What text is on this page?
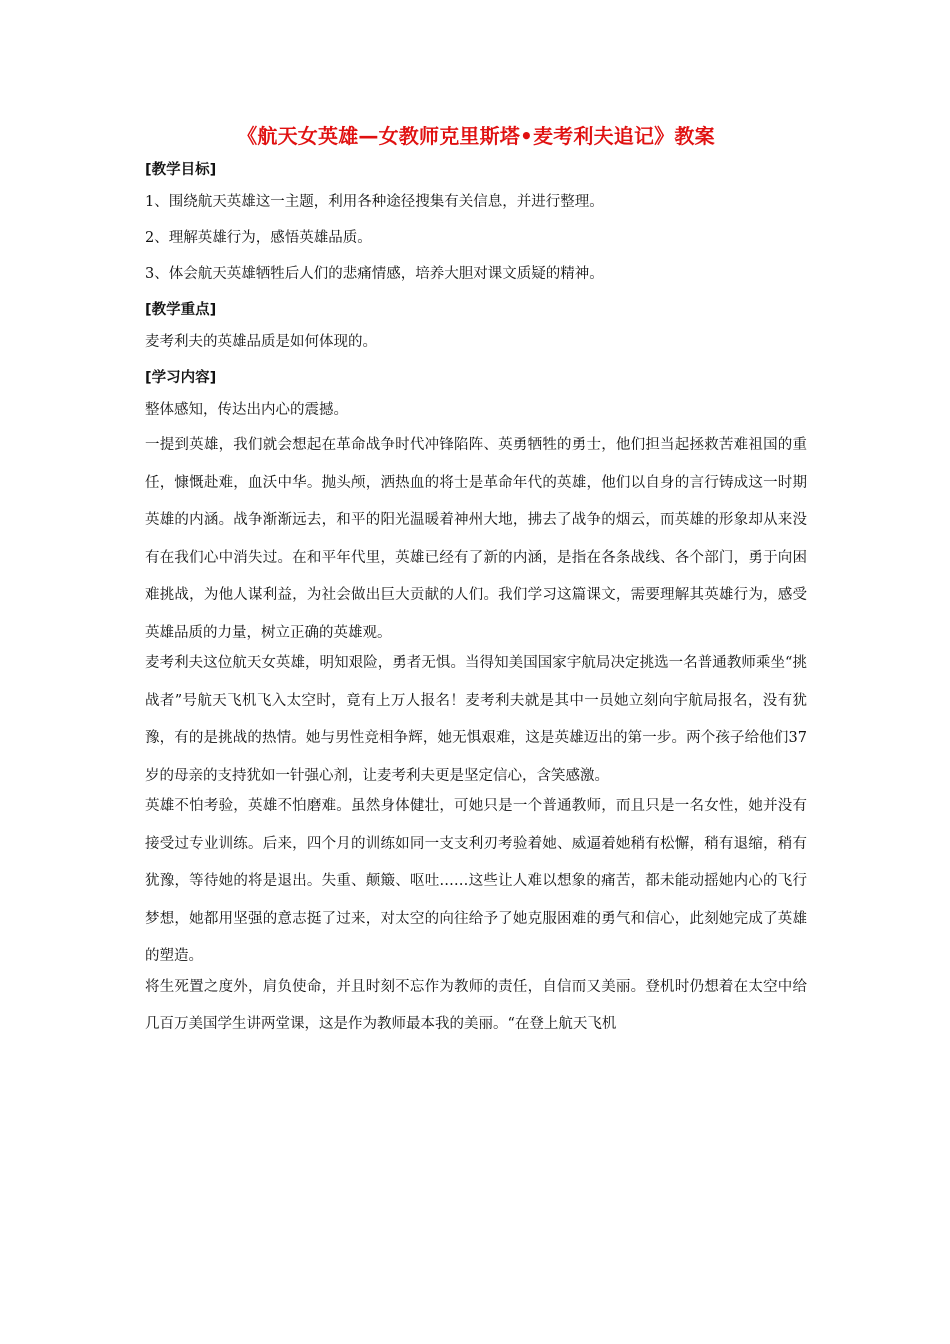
《航天女英雄—女教师克里斯塔•麦考利夫追记》教案
[教学目标]
1、围绕航天英雄这一主题，利用各种途径搜集有关信息，并进行整理。
2、理解英雄行为，感悟英雄品质。
3、体会航天英雄牺牲后人们的悲痛情感，培养大胆对课文质疑的精神。
[教学重点]
麦考利夫的英雄品质是如何体现的。
[学习内容]
整体感知，传达出内心的震撼。
一提到英雄，我们就会想起在革命战争时代冲锋陷阵、英勇牺牲的勇士，他们担当起拯救苦难祖国的重任，慷慨赴难，血沃中华。抛头颅，洒热血的将士是革命年代的英雄，他们以自身的言行铸成这一时期英雄的内涵。战争渐渐远去，和平的阳光温暖着神州大地，拂去了战争的烟云，而英雄的形象却从来没有在我们心中消失过。在和平年代里，英雄已经有了新的内涵，是指在各条战线、各个部门，勇于向困难挑战，为他人谋利益，为社会做出巨大贡献的人们。我们学习这篇课文，需要理解其英雄行为，感受英雄品质的力量，树立正确的英雄观。
麦考利夫这位航天女英雄，明知艰险，勇者无惧。当得知美国国家宇航局决定挑选一名普通教师乘坐“挑战者”号航天飞机飞入太空时，竟有上万人报名！麦考利夫就是其中一员她立刻向宇航局报名，没有犹豫，有的是挑战的热情。她与男性竞相争辉，她无惧艰难，这是英雄迈出的第一步。两个孩子给他们37岁的母亲的支持犹如一针强心剂，让麦考利夫更是坚定信心，含笑感激。
英雄不怕考验，英雄不怕磨难。虽然身体健壮，可她只是一个普通教师，而且只是一名女性，她并没有接受过专业训练。后来，四个月的训练如同一支支利刃考验着她、威逼着她稍有松懈，稍有退缩，稍有犹豫，等待她的将是退出。失重、颠簸、呕吐……这些让人难以想象的痛苦，都未能动摇她内心的飞行梦想，她都用坚强的意志挺了过来，对太空的向往给予了她克服困难的勇气和信心，此刻她完成了英雄的塑造。
将生死置之度外，肩负使命，并且时刻不忘作为教师的责任，自信而又美丽。登机时仍想着在太空中给几百万美国学生讲两堂课，这是作为教师最本我的美丽。“在登上航天飞机
